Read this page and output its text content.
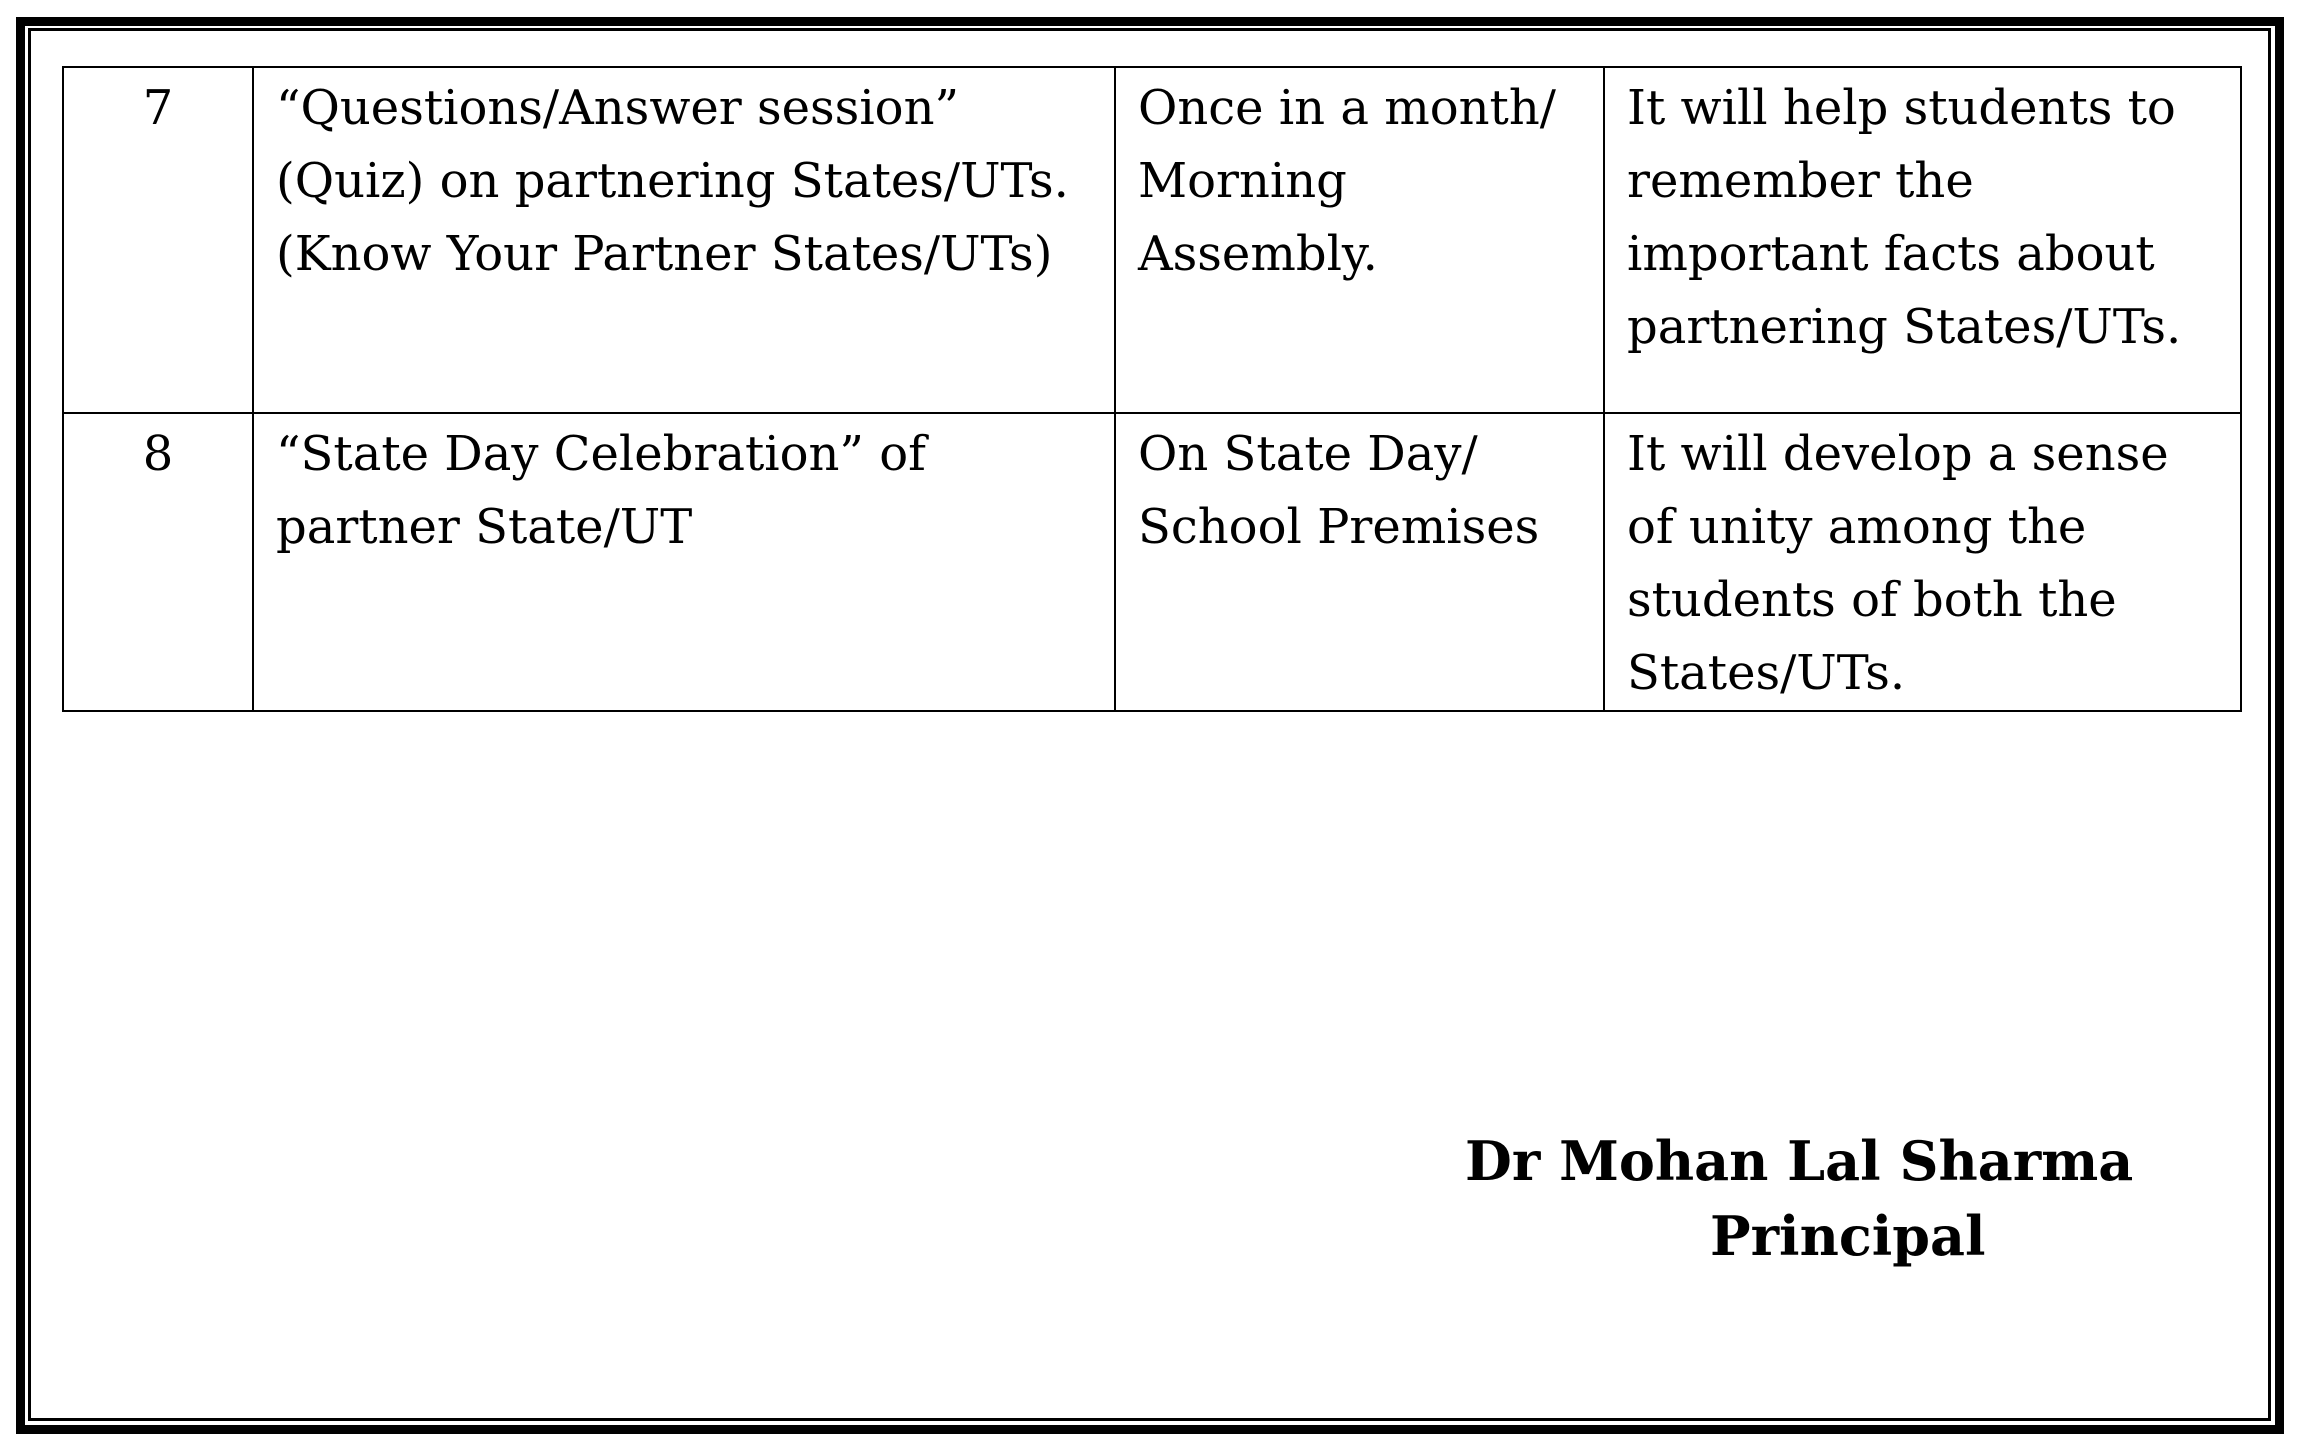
7	“Questions/Answer session” (Quiz) on partnering States/UTs. (Know Your Partner States/UTs)	Once in a month/ Morning Assembly.	It will help students to remember the important facts about partnering States/UTs.
8	“State Day Celebration” of partner State/UT	On State Day/ School Premises	It will develop a sense of unity among the students of both the States/UTs.
Dr Mohan Lal Sharma
Principal
